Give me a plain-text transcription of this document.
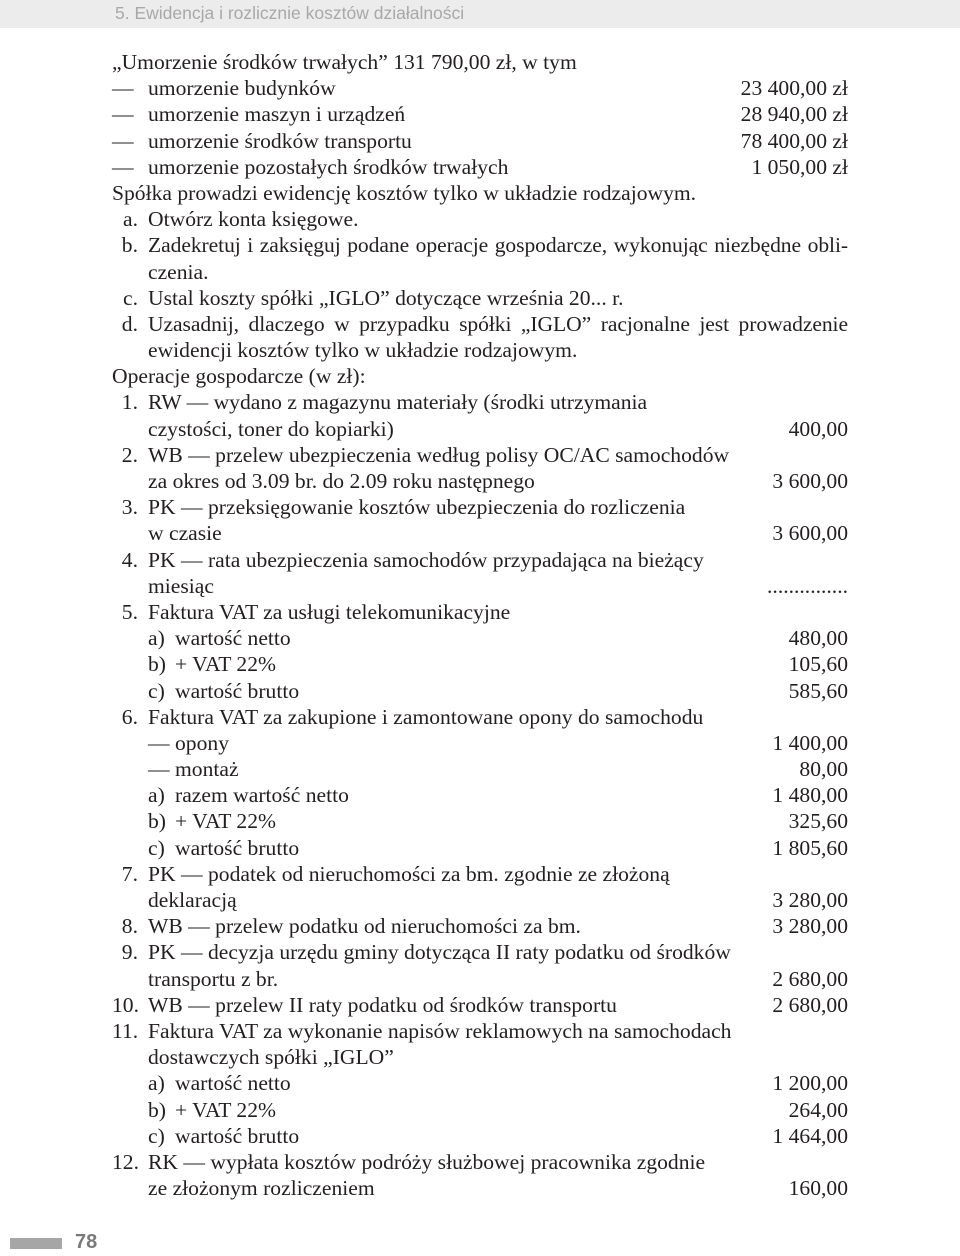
5. Ewidencja i rozlicznie kosztów działalności
„Umorzenie środków trwałych” 131 790,00 zł, w tym
— umorzenie budynków	23 400,00 zł
— umorzenie maszyn i urządzeń	28 940,00 zł
— umorzenie środków transportu	78 400,00 zł
— umorzenie pozostałych środków trwałych	1 050,00 zł
Spółka prowadzi ewidencję kosztów tylko w układzie rodzajowym.
a. Otwórz konta księgowe.
b. Zadekretuj i zaksięguj podane operacje gospodarcze, wykonując niezbędne obli-
czenia.
c. Ustal koszty spółki „IGLO” dotyczące września 20... r.
d. Uzasadnij, dlaczego w przypadku spółki „IGLO” racjonalne jest prowadzenie
ewidencji kosztów tylko w układzie rodzajowym.
Operacje gospodarcze (w zł):
1. RW — wydano z magazynu materiały (środki utrzymania
czystości, toner do kopiarki)	400,00
2. WB — przelew ubezpieczenia według polisy OC/AC samochodów
za okres od 3.09 br. do 2.09 roku następnego	3 600,00
3. PK — przeksięgowanie kosztów ubezpieczenia do rozliczenia
w czasie	3 600,00
4. PK — rata ubezpieczenia samochodów przypadająca na bieżący
miesiąc	...............
5. Faktura VAT za usługi telekomunikacyjne
a) wartość netto	480,00
b) + VAT 22%	105,60
c) wartość brutto	585,60
6. Faktura VAT za zakupione i zamontowane opony do samochodu
— opony	1 400,00
— montaż	80,00
a) razem wartość netto	1 480,00
b) + VAT 22%	325,60
c) wartość brutto	1 805,60
7. PK — podatek od nieruchomości za bm. zgodnie ze złożoną
deklaracją	3 280,00
8. WB — przelew podatku od nieruchomości za bm.	3 280,00
9. PK — decyzja urzędu gminy dotycząca II raty podatku od środków
transportu z br.	2 680,00
10. WB — przelew II raty podatku od środków transportu	2 680,00
11. Faktura VAT za wykonanie napisów reklamowych na samochodach
dostawczych spółki „IGLO”
a) wartość netto	1 200,00
b) + VAT 22%	264,00
c) wartość brutto	1 464,00
12. RK — wypłata kosztów podróży służbowej pracownika zgodnie
ze złożonym rozliczeniem	160,00
78
